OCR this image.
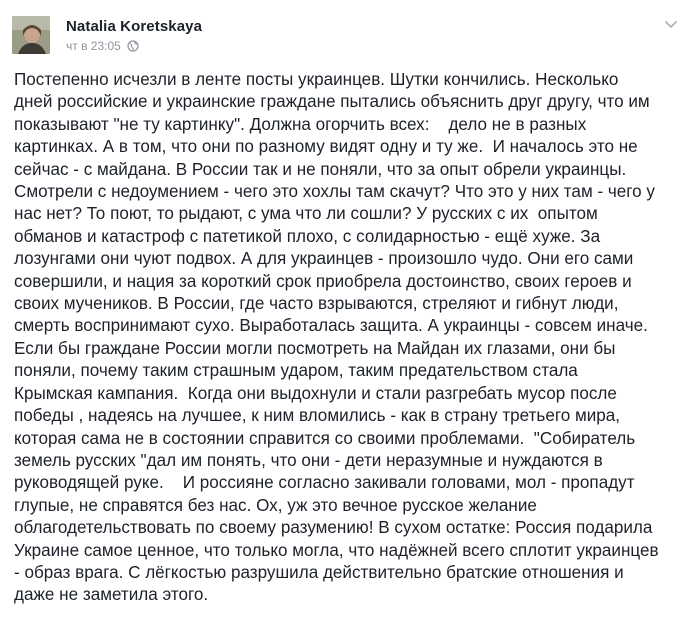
Natalia Koretskaya
чт в 23:05

Постепенно исчезли в ленте посты украинцев. Шутки кончились. Несколько
дней российские и украинские граждане пытались объяснить друг другу, что им
показывают "не ту картинку". Должна огорчить всех:    дело не в разных
картинках. А в том, что они по разному видят одну и ту же.  И началось это не
сейчас - с майдана. В России так и не поняли, что за опыт обрели украинцы.
Смотрели с недоумением - чего это хохлы там скачут? Что это у них там - чего у
нас нет? То поют, то рыдают, с ума что ли сошли? У русских с их  опытом
обманов и катастроф с патетикой плохо, с солидарностью - ещё хуже. За
лозунгами они чуют подвох. А для украинцев - произошло чудо. Они его сами
совершили, и нация за короткий срок приобрела достоинство, своих героев и
своих мучеников. В России, где часто взрываются, стреляют и гибнут люди,
смерть воспринимают сухо. Выработалась защита. А украинцы - совсем иначе.
Если бы граждане России могли посмотреть на Майдан их глазами, они бы
поняли, почему таким страшным ударом, таким предательством стала
Крымская кампания.  Когда они выдохнули и стали разгребать мусор после
победы , надеясь на лучшее, к ним вломились - как в страну третьего мира,
которая сама не в состоянии справится со своими проблемами.  "Собиратель
земель русских "дал им понять, что они - дети неразумные и нуждаются в
руководящей руке.    И россияне согласно закивали головами, мол - пропадут
глупые, не справятся без нас. Ох, уж это вечное русское желание
облагодетельствовать по своему разумению! В сухом остатке: Россия подарила
Украине самое ценное, что только могла, что надёжней всего сплотит украинцев
- образ врага. С лёгкостью разрушила действительно братские отношения и
даже не заметила этого.
